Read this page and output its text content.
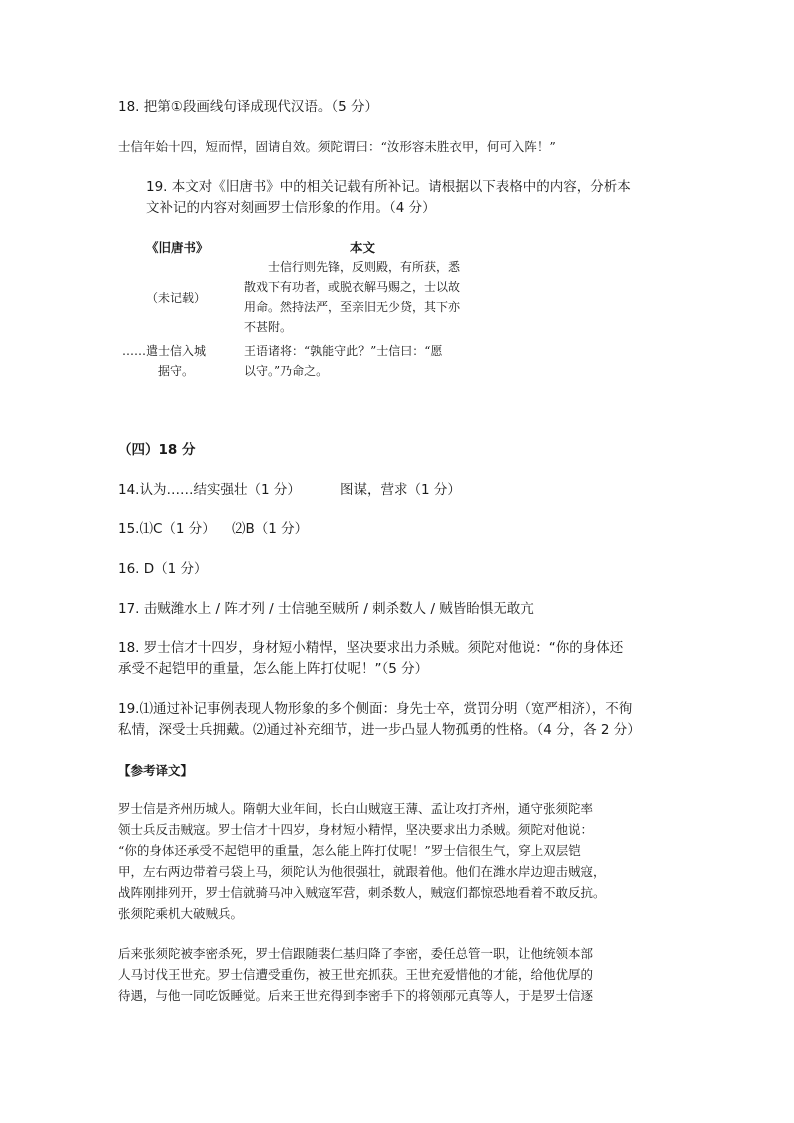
18. 把第①段画线句译成现代汉语。（5 分）
士信年始十四，短而悍，固请自效。须陀谓曰：“汝形容未胜衣甲，何可入阵！”
19. 本文对《旧唐书》中的相关记载有所补记。请根据以下表格中的内容，分析本
文补记的内容对刻画罗士信形象的作用。（4 分）
《旧唐书》	本文
（未记载）
士信行则先锋，反则殿，有所获，悉
散戏下有功者，或脱衣解马赐之，士以故
用命。然持法严，至亲旧无少贷，其下亦
不甚附。
……遣士信入城
据守。
王语诸将：“孰能守此？”士信曰：“愿
以守。”乃命之。
（四）18 分
14.认为……结实强壮（1 分）	图谋，营求（1 分）
15.⑴C（1 分） ⑵B（1 分）
16. D（1 分）
17. 击贼潍水上 / 阵才列 / 士信驰至贼所 / 刺杀数人 / 贼皆眙惧无敢亢
18. 罗士信才十四岁，身材短小精悍，坚决要求出力杀贼。须陀对他说：“你的身体还
承受不起铠甲的重量，怎么能上阵打仗呢！”（5 分）
19.⑴通过补记事例表现人物形象的多个侧面：身先士卒，赏罚分明（宽严相济），不徇
私情，深受士兵拥戴。⑵通过补充细节，进一步凸显人物孤勇的性格。（4 分，各 2 分）
【参考译文】
罗士信是齐州历城人。隋朝大业年间，长白山贼寇王薄、孟让攻打齐州，通守张须陀率
领士兵反击贼寇。罗士信才十四岁，身材短小精悍，坚决要求出力杀贼。须陀对他说：
“你的身体还承受不起铠甲的重量，怎么能上阵打仗呢！”罗士信很生气，穿上双层铠
甲，左右两边带着弓袋上马，须陀认为他很强壮，就跟着他。他们在潍水岸边迎击贼寇，
战阵刚排列开，罗士信就骑马冲入贼寇军营，刺杀数人，贼寇们都惊恐地看着不敢反抗。
张须陀乘机大破贼兵。
后来张须陀被李密杀死，罗士信跟随裴仁基归降了李密，委任总管一职，让他统领本部
人马讨伐王世充。罗士信遭受重伤，被王世充抓获。王世充爱惜他的才能，给他优厚的
待遇，与他一同吃饭睡觉。后来王世充得到李密手下的将领邴元真等人，于是罗士信逐
